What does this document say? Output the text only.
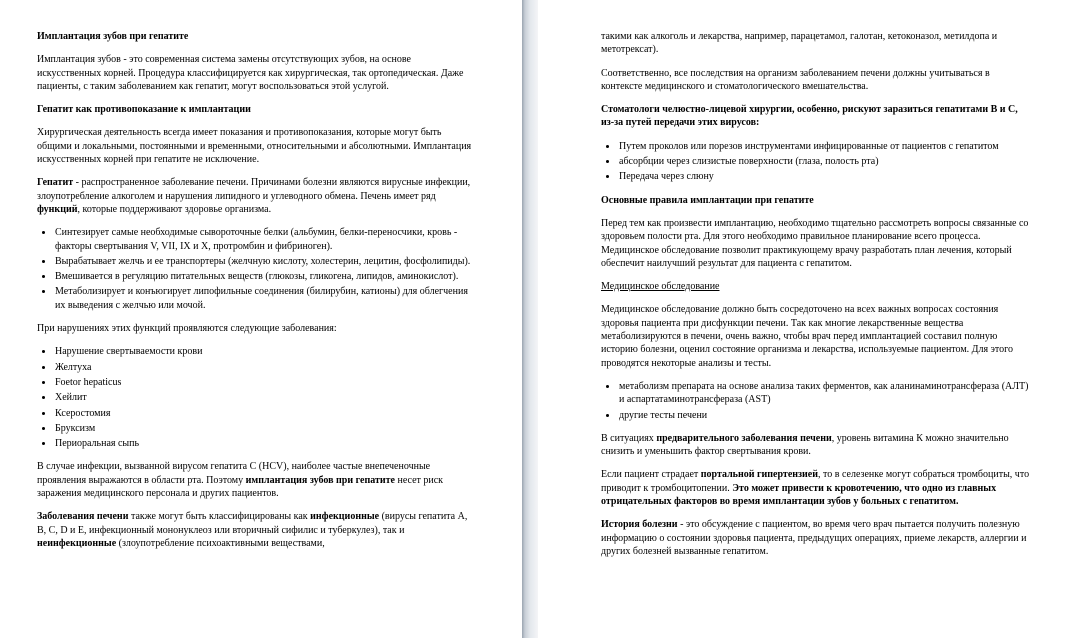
Имплантация зубов при гепатите

Имплантация зубов - это современная система замены отсутствующих зубов, на основе искусственных корней. Процедура классифицируется как хирургическая, так ортопедическая. Даже пациенты, с таким заболеванием как гепатит, могут воспользоваться этой услугой.

Гепатит как противопоказание к имплантации

Хирургическая деятельность всегда имеет показания и противопоказания, которые могут быть общими и локальными, постоянными и временными, относительными и абсолютными. Имплантация искусственных корней при гепатите не исключение.

Гепатит - распространенное заболевание печени. Причинами болезни являются вирусные инфекции, злоупотребление алкоголем и нарушения липидного и углеводного обмена. Печень имеет ряд функций, которые поддерживают здоровье организма.

• Синтезирует самые необходимые сывороточные белки (альбумин, белки-переносчики, кровь - факторы свертывания V, VII, IX и X, протромбин и фибриноген).
• Вырабатывает желчь и ее транспортеры (желчную кислоту, холестерин, лецитин, фосфолипиды).
• Вмешивается в регуляцию питательных веществ (глюкозы, гликогена, липидов, аминокислот).
• Метаболизирует и конъюгирует липофильные соединения (билирубин, катионы) для облегчения их выведения с желчью или мочой.

При нарушениях этих функций проявляются следующие заболевания:

• Нарушение свертываемости крови
• Желтуха
• Foetor hepaticus
• Хейлит
• Ксеростомия
• Бруксизм
• Периоральная сыпь

В случае инфекции, вызванной вирусом гепатита С (HCV), наиболее частые внепеченочные проявления выражаются в области рта. Поэтому имплантация зубов при гепатите несет риск заражения медицинского персонала и других пациентов.

Заболевания печени также могут быть классифицированы как инфекционные (вирусы гепатита А, В, С, D и Е, инфекционный мононуклеоз или вторичный сифилис и туберкулез), так и неинфекционные (злоупотребление психоактивными веществами,

такими как алкоголь и лекарства, например, парацетамол, галотан, кетоконазол, метилдопа и метотрексат).

Соответственно, все последствия на организм заболеванием печени должны учитываться в контексте медицинского и стоматологического вмешательства.

Стоматологи челюстно-лицевой хирургии, особенно, рискуют заразиться гепатитами В и С, из-за путей передачи этих вирусов:

• Путем проколов или порезов инструментами инфицированные от пациентов с гепатитом
• абсорбции через слизистые поверхности (глаза, полость рта)
• Передача через слюну

Основные правила имплантации при гепатите

Перед тем как произвести имплантацию, необходимо тщательно рассмотреть вопросы связанные со здоровьем полости рта. Для этого необходимо правильное планирование всего процесса. Медицинское обследование позволит практикующему врачу разработать план лечения, который обеспечит наилучший результат для пациента с гепатитом.

Медицинское обследование

Медицинское обследование должно быть сосредоточено на всех важных вопросах состояния здоровья пациента при дисфункции печени. Так как многие лекарственные вещества метаболизируются в печени, очень важно, чтобы врач перед имплантацией составил полную историю болезни, оценил состояние организма и лекарства, используемые пациентом. Для этого проводятся некоторые анализы и тесты.

• метаболизм препарата на основе анализа таких ферментов, как аланинаминотрансфераза (АЛТ) и аспартатаминотрансфераза (AST)
• другие тесты печени

В ситуациях предварительного заболевания печени, уровень витамина К можно значительно снизить и уменьшить фактор свертывания крови.

Если пациент страдает портальной гипертензией, то в селезенке могут собраться тромбоциты, что приводит к тромбоцитопении. Это может привести к кровотечению, что одно из главных отрицательных факторов во время имплантации зубов у больных с гепатитом.

История болезни - это обсуждение с пациентом, во время чего врач пытается получить полезную информацию о состоянии здоровья пациента, предыдущих операциях, приеме лекарств, аллергии и других болезней вызванные гепатитом.
